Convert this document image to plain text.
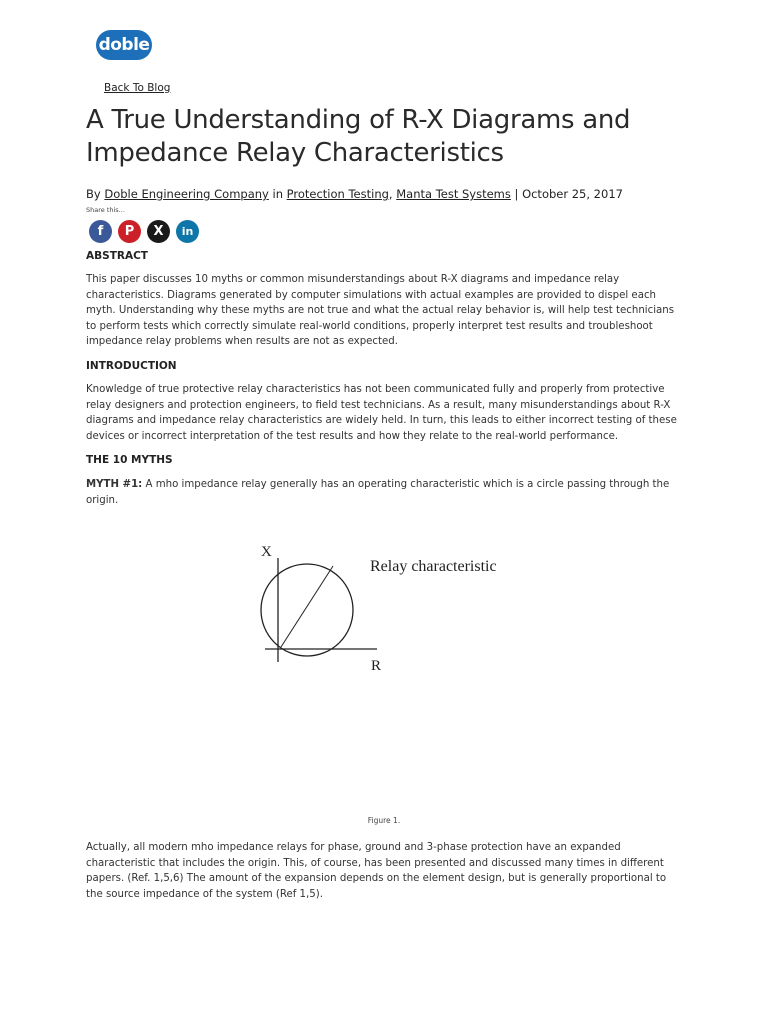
doble
Back To Blog
A True Understanding of R-X Diagrams and Impedance Relay Characteristics
By Doble Engineering Company in Protection Testing, Manta Test Systems | October 25, 2017
Share this...
f P X in
ABSTRACT
This paper discusses 10 myths or common misunderstandings about R-X diagrams and impedance relay characteristics. Diagrams generated by computer simulations with actual examples are provided to dispel each myth. Understanding why these myths are not true and what the actual relay behavior is, will help test technicians to perform tests which correctly simulate real-world conditions, properly interpret test results and troubleshoot impedance relay problems when results are not as expected.
INTRODUCTION
Knowledge of true protective relay characteristics has not been communicated fully and properly from protective relay designers and protection engineers, to field test technicians. As a result, many misunderstandings about R-X diagrams and impedance relay characteristics are widely held. In turn, this leads to either incorrect testing of these devices or incorrect interpretation of the test results and how they relate to the real-world performance.
THE 10 MYTHS
MYTH #1: A mho impedance relay generally has an operating characteristic which is a circle passing through the origin.
X
R
Relay characteristic
Figure 1.
Actually, all modern mho impedance relays for phase, ground and 3-phase protection have an expanded characteristic that includes the origin. This, of course, has been presented and discussed many times in different papers. (Ref. 1,5,6) The amount of the expansion depends on the element design, but is generally proportional to the source impedance of the system (Ref 1,5).
